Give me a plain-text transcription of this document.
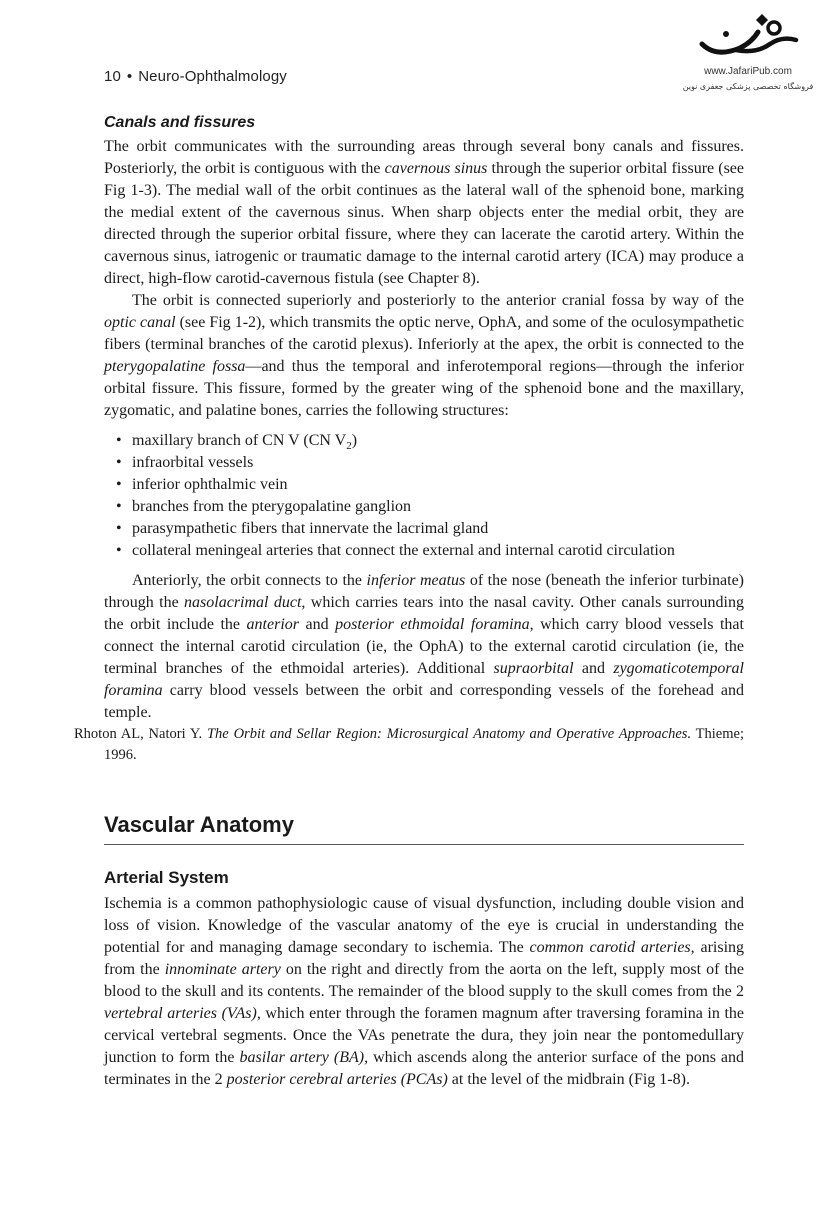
10 • Neuro-Ophthalmology	www.JafariPub.com
فروشگاه تخصصی پزشکی جعفری نوین
Canals and fissures

The orbit communicates with the surrounding areas through several bony canals and fissures. Posteriorly, the orbit is contiguous with the cavernous sinus through the superior orbital fissure (see Fig 1-3). The medial wall of the orbit continues as the lateral wall of the sphenoid bone, marking the medial extent of the cavernous sinus. When sharp objects enter the medial orbit, they are directed through the superior orbital fissure, where they can lacerate the carotid artery. Within the cavernous sinus, iatrogenic or traumatic damage to the internal carotid artery (ICA) may produce a direct, high-flow carotid-cavernous fistula (see Chapter 8).

The orbit is connected superiorly and posteriorly to the anterior cranial fossa by way of the optic canal (see Fig 1-2), which transmits the optic nerve, OphA, and some of the oculosympathetic fibers (terminal branches of the carotid plexus). Inferiorly at the apex, the orbit is connected to the pterygopalatine fossa—and thus the temporal and inferotemporal regions—through the inferior orbital fissure. This fissure, formed by the greater wing of the sphenoid bone and the maxillary, zygomatic, and palatine bones, carries the following structures:

• maxillary branch of CN V (CN $V_2$)
• infraorbital vessels
• inferior ophthalmic vein
• branches from the pterygopalatine ganglion
• parasympathetic fibers that innervate the lacrimal gland
• collateral meningeal arteries that connect the external and internal carotid circulation

Anteriorly, the orbit connects to the inferior meatus of the nose (beneath the inferior turbinate) through the nasolacrimal duct, which carries tears into the nasal cavity. Other canals surrounding the orbit include the anterior and posterior ethmoidal foramina, which carry blood vessels that connect the internal carotid circulation (ie, the OphA) to the external carotid circulation (ie, the terminal branches of the ethmoidal arteries). Additional supraorbital and zygomaticotemporal foramina carry blood vessels between the orbit and corresponding vessels of the forehead and temple.

Rhoton AL, Natori Y. The Orbit and Sellar Region: Microsurgical Anatomy and Operative Approaches. Thieme; 1996.

Vascular Anatomy
Arterial System

Ischemia is a common pathophysiologic cause of visual dysfunction, including double vision and loss of vision. Knowledge of the vascular anatomy of the eye is crucial in understanding the potential for and managing damage secondary to ischemia. The common carotid arteries, arising from the innominate artery on the right and directly from the aorta on the left, supply most of the blood to the skull and its contents. The remainder of the blood supply to the skull comes from the 2 vertebral arteries (VAs), which enter through the foramen magnum after traversing foramina in the cervical vertebral segments. Once the VAs penetrate the dura, they join near the pontomedullary junction to form the basilar artery (BA), which ascends along the anterior surface of the pons and terminates in the 2 posterior cerebral arteries (PCAs) at the level of the midbrain (Fig 1-8).
